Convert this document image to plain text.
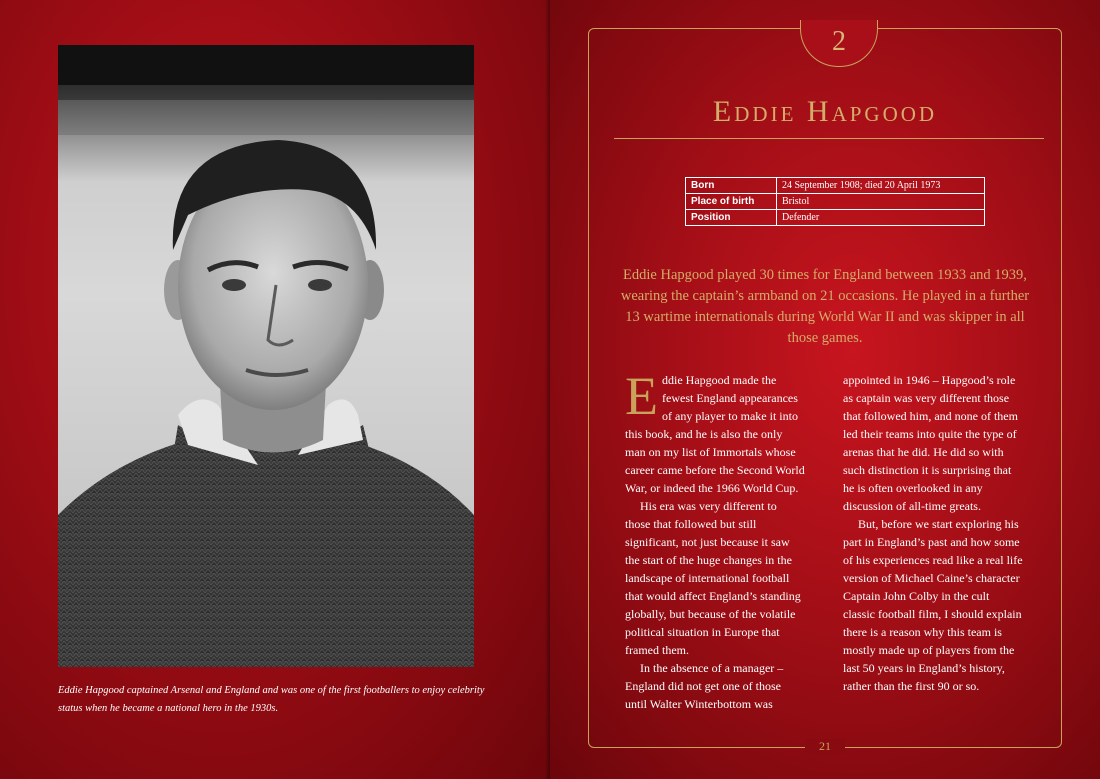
Eddie Hapgood captained Arsenal and England and was one of the first footballers to enjoy celebrity status when he became a national hero in the 1930s.
2
Eddie Hapgood
Born	24 September 1908; died 20 April 1973
Place of birth	Bristol
Position	Defender
Eddie Hapgood played 30 times for England between 1933 and 1939, wearing the captain’s armband on 21 occasions. He played in a further 13 wartime internationals during World War II and was skipper in all those games.

Eddie Hapgood made the fewest England appearances of any player to make it into this book, and he is also the only man on my list of Immortals whose career came before the Second World War, or indeed the 1966 World Cup.

His era was very different to those that followed but still significant, not just because it saw the start of the huge changes in the landscape of international football that would affect England’s standing globally, but because of the volatile political situation in Europe that framed them.

In the absence of a manager – England did not get one of those until Walter Winterbottom was

appointed in 1946 – Hapgood’s role as captain was very different those that followed him, and none of them led their teams into quite the type of arenas that he did. He did so with such distinction it is surprising that he is often overlooked in any discussion of all-time greats.

But, before we start exploring his part in England’s past and how some of his experiences read like a real life version of Michael Caine’s character Captain John Colby in the cult classic football film, I should explain there is a reason why this team is mostly made up of players from the last 50 years in England’s history, rather than the first 90 or so.

21
